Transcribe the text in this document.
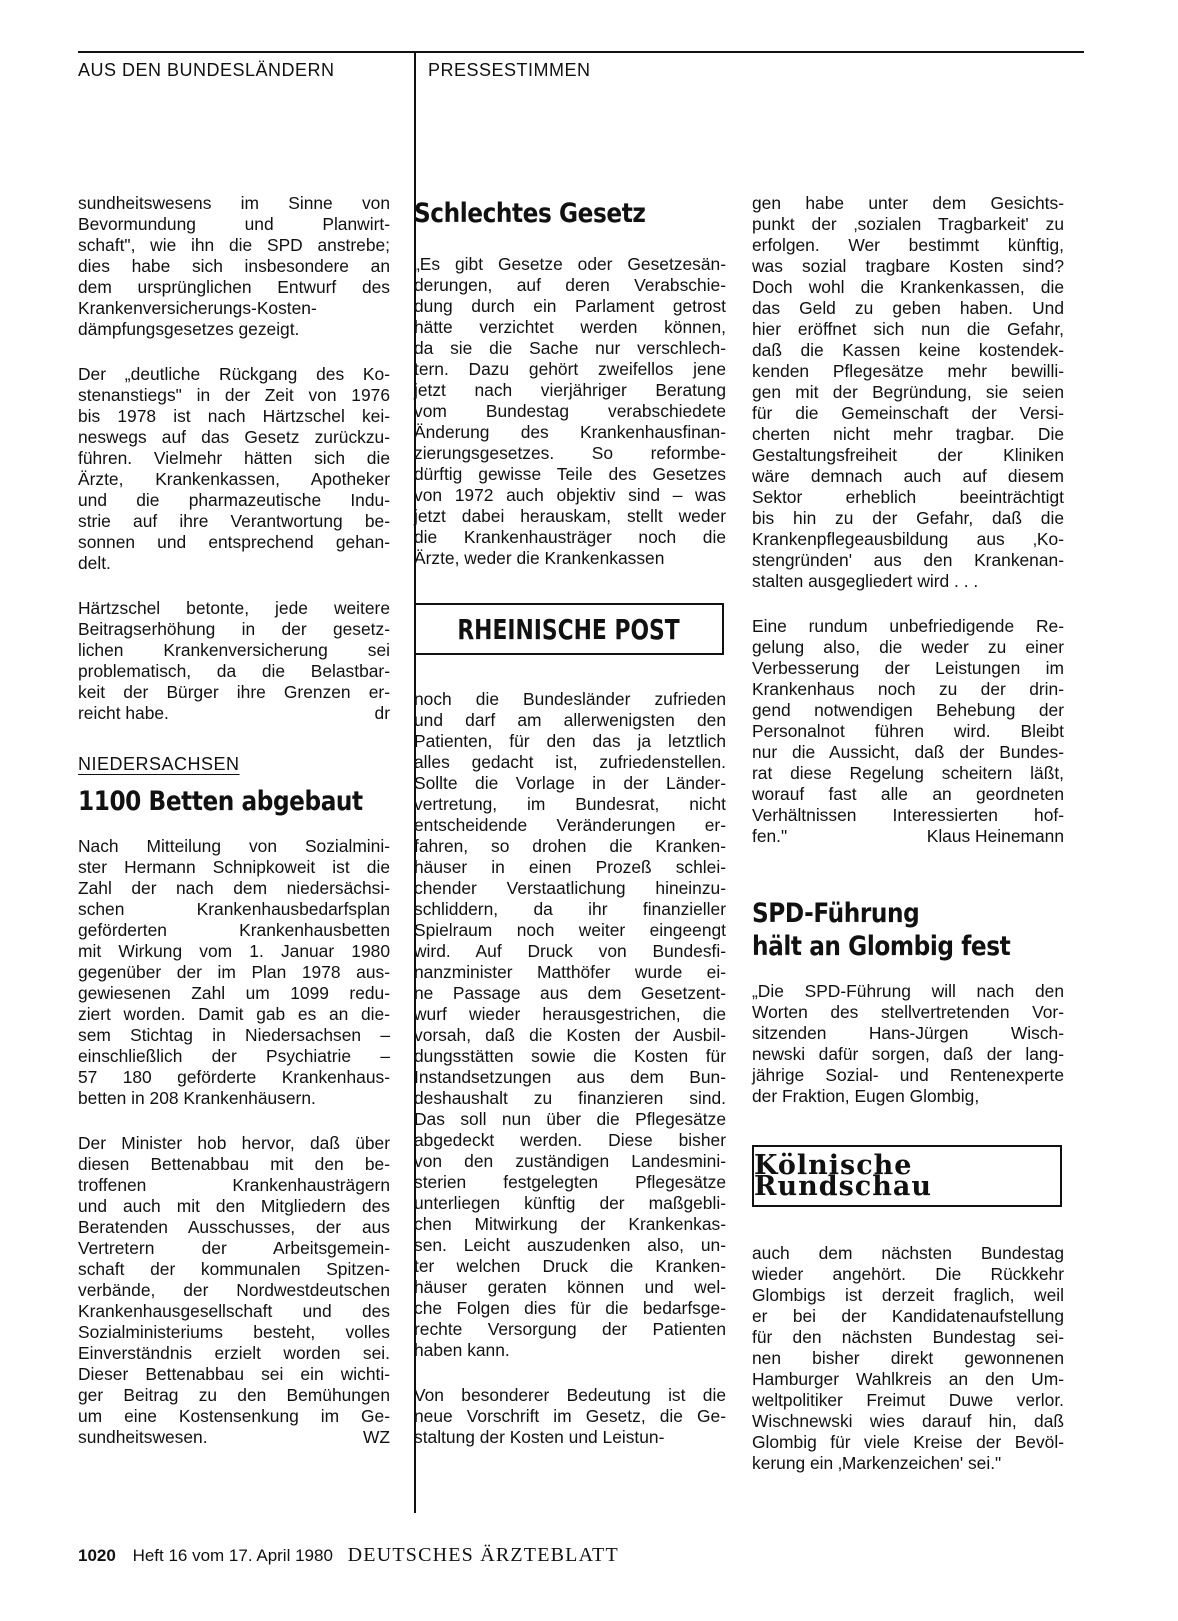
AUS DEN BUNDESLÄNDERN	PRESSESTIMMEN

sundheitswesens im Sinne von
Bevormundung und Planwirt-
schaft", wie ihn die SPD anstrebe;
dies habe sich insbesondere an
dem ursprünglichen Entwurf des
Krankenversicherungs-Kosten-
dämpfungsgesetzes gezeigt.

Der „deutliche Rückgang des Ko-
stenanstiegs" in der Zeit von 1976
bis 1978 ist nach Härtzschel kei-
neswegs auf das Gesetz zurückzu-
führen. Vielmehr hätten sich die
Ärzte, Krankenkassen, Apotheker
und die pharmazeutische Indu-
strie auf ihre Verantwortung be-
sonnen und entsprechend gehan-
delt.

Härtzschel betonte, jede weitere
Beitragserhöhung in der gesetz-
lichen Krankenversicherung sei
problematisch, da die Belastbar-
keit der Bürger ihre Grenzen er-
reicht habe.	dr

NIEDERSACHSEN
1100 Betten abgebaut

Nach Mitteilung von Sozialmini-
ster Hermann Schnipkoweit ist die
Zahl der nach dem niedersächsi-
schen Krankenhausbedarfsplan
geförderten Krankenhausbetten
mit Wirkung vom 1. Januar 1980
gegenüber der im Plan 1978 aus-
gewiesenen Zahl um 1099 redu-
ziert worden. Damit gab es an die-
sem Stichtag in Niedersachsen –
einschließlich der Psychiatrie –
57 180 geförderte Krankenhaus-
betten in 208 Krankenhäusern.

Der Minister hob hervor, daß über
diesen Bettenabbau mit den be-
troffenen Krankenhausträgern
und auch mit den Mitgliedern des
Beratenden Ausschusses, der aus
Vertretern der Arbeitsgemein-
schaft der kommunalen Spitzen-
verbände, der Nordwestdeutschen
Krankenhausgesellschaft und des
Sozialministeriums besteht, volles
Einverständnis erzielt worden sei.
Dieser Bettenabbau sei ein wichti-
ger Beitrag zu den Bemühungen
um eine Kostensenkung im Ge-
sundheitswesen.	WZ

Schlechtes Gesetz

„Es gibt Gesetze oder Gesetzesän-
derungen, auf deren Verabschie-
dung durch ein Parlament getrost
hätte verzichtet werden können,
da sie die Sache nur verschlech-
tern. Dazu gehört zweifellos jene
jetzt nach vierjähriger Beratung
vom Bundestag verabschiedete
Änderung des Krankenhausfinan-
zierungsgesetzes. So reformbe-
dürftig gewisse Teile des Gesetzes
von 1972 auch objektiv sind – was
jetzt dabei herauskam, stellt weder
die Krankenhausträger noch die
Ärzte, weder die Krankenkassen

RHEINISCHE POST

noch die Bundesländer zufrieden
und darf am allerwenigsten den
Patienten, für den das ja letztlich
alles gedacht ist, zufriedenstellen.
Sollte die Vorlage in der Länder-
vertretung, im Bundesrat, nicht
entscheidende Veränderungen er-
fahren, so drohen die Kranken-
häuser in einen Prozeß schlei-
chender Verstaatlichung hineinzu-
schliddern, da ihr finanzieller
Spielraum noch weiter eingeengt
wird. Auf Druck von Bundesfi-
nanzminister Matthöfer wurde ei-
ne Passage aus dem Gesetzent-
wurf wieder herausgestrichen, die
vorsah, daß die Kosten der Ausbil-
dungsstätten sowie die Kosten für
Instandsetzungen aus dem Bun-
deshaushalt zu finanzieren sind.
Das soll nun über die Pflegesätze
abgedeckt werden. Diese bisher
von den zuständigen Landesmini-
sterien festgelegten Pflegesätze
unterliegen künftig der maßgebli-
chen Mitwirkung der Krankenkas-
sen. Leicht auszudenken also, un-
ter welchen Druck die Kranken-
häuser geraten können und wel-
che Folgen dies für die bedarfsge-
rechte Versorgung der Patienten
haben kann.

Von besonderer Bedeutung ist die
neue Vorschrift im Gesetz, die Ge-
staltung der Kosten und Leistun-

gen habe unter dem Gesichts-
punkt der ‚sozialen Tragbarkeit' zu
erfolgen. Wer bestimmt künftig,
was sozial tragbare Kosten sind?
Doch wohl die Krankenkassen, die
das Geld zu geben haben. Und
hier eröffnet sich nun die Gefahr,
daß die Kassen keine kostendek-
kenden Pflegesätze mehr bewilli-
gen mit der Begründung, sie seien
für die Gemeinschaft der Versi-
cherten nicht mehr tragbar. Die
Gestaltungsfreiheit der Kliniken
wäre demnach auch auf diesem
Sektor erheblich beeinträchtigt
bis hin zu der Gefahr, daß die
Krankenpflegeausbildung aus ‚Ko-
stengründen' aus den Krankenan-
stalten ausgegliedert wird . . .

Eine rundum unbefriedigende Re-
gelung also, die weder zu einer
Verbesserung der Leistungen im
Krankenhaus noch zu der drin-
gend notwendigen Behebung der
Personalnot führen wird. Bleibt
nur die Aussicht, daß der Bundes-
rat diese Regelung scheitern läßt,
worauf fast alle an geordneten
Verhältnissen Interessierten hof-
fen."	Klaus Heinemann

SPD-Führung
hält an Glombig fest

„Die SPD-Führung will nach den
Worten des stellvertretenden Vor-
sitzenden Hans-Jürgen Wisch-
newski dafür sorgen, daß der lang-
jährige Sozial- und Rentenexperte
der Fraktion, Eugen Glombig,

Kölnische Rundschau

auch dem nächsten Bundestag
wieder angehört. Die Rückkehr
Glombigs ist derzeit fraglich, weil
er bei der Kandidatenaufstellung
für den nächsten Bundestag sei-
nen bisher direkt gewonnenen
Hamburger Wahlkreis an den Um-
weltpolitiker Freimut Duwe verlor.
Wischnewski wies darauf hin, daß
Glombig für viele Kreise der Bevöl-
kerung ein ‚Markenzeichen' sei."

1020 Heft 16 vom 17. April 1980 DEUTSCHES ÄRZTEBLATT
